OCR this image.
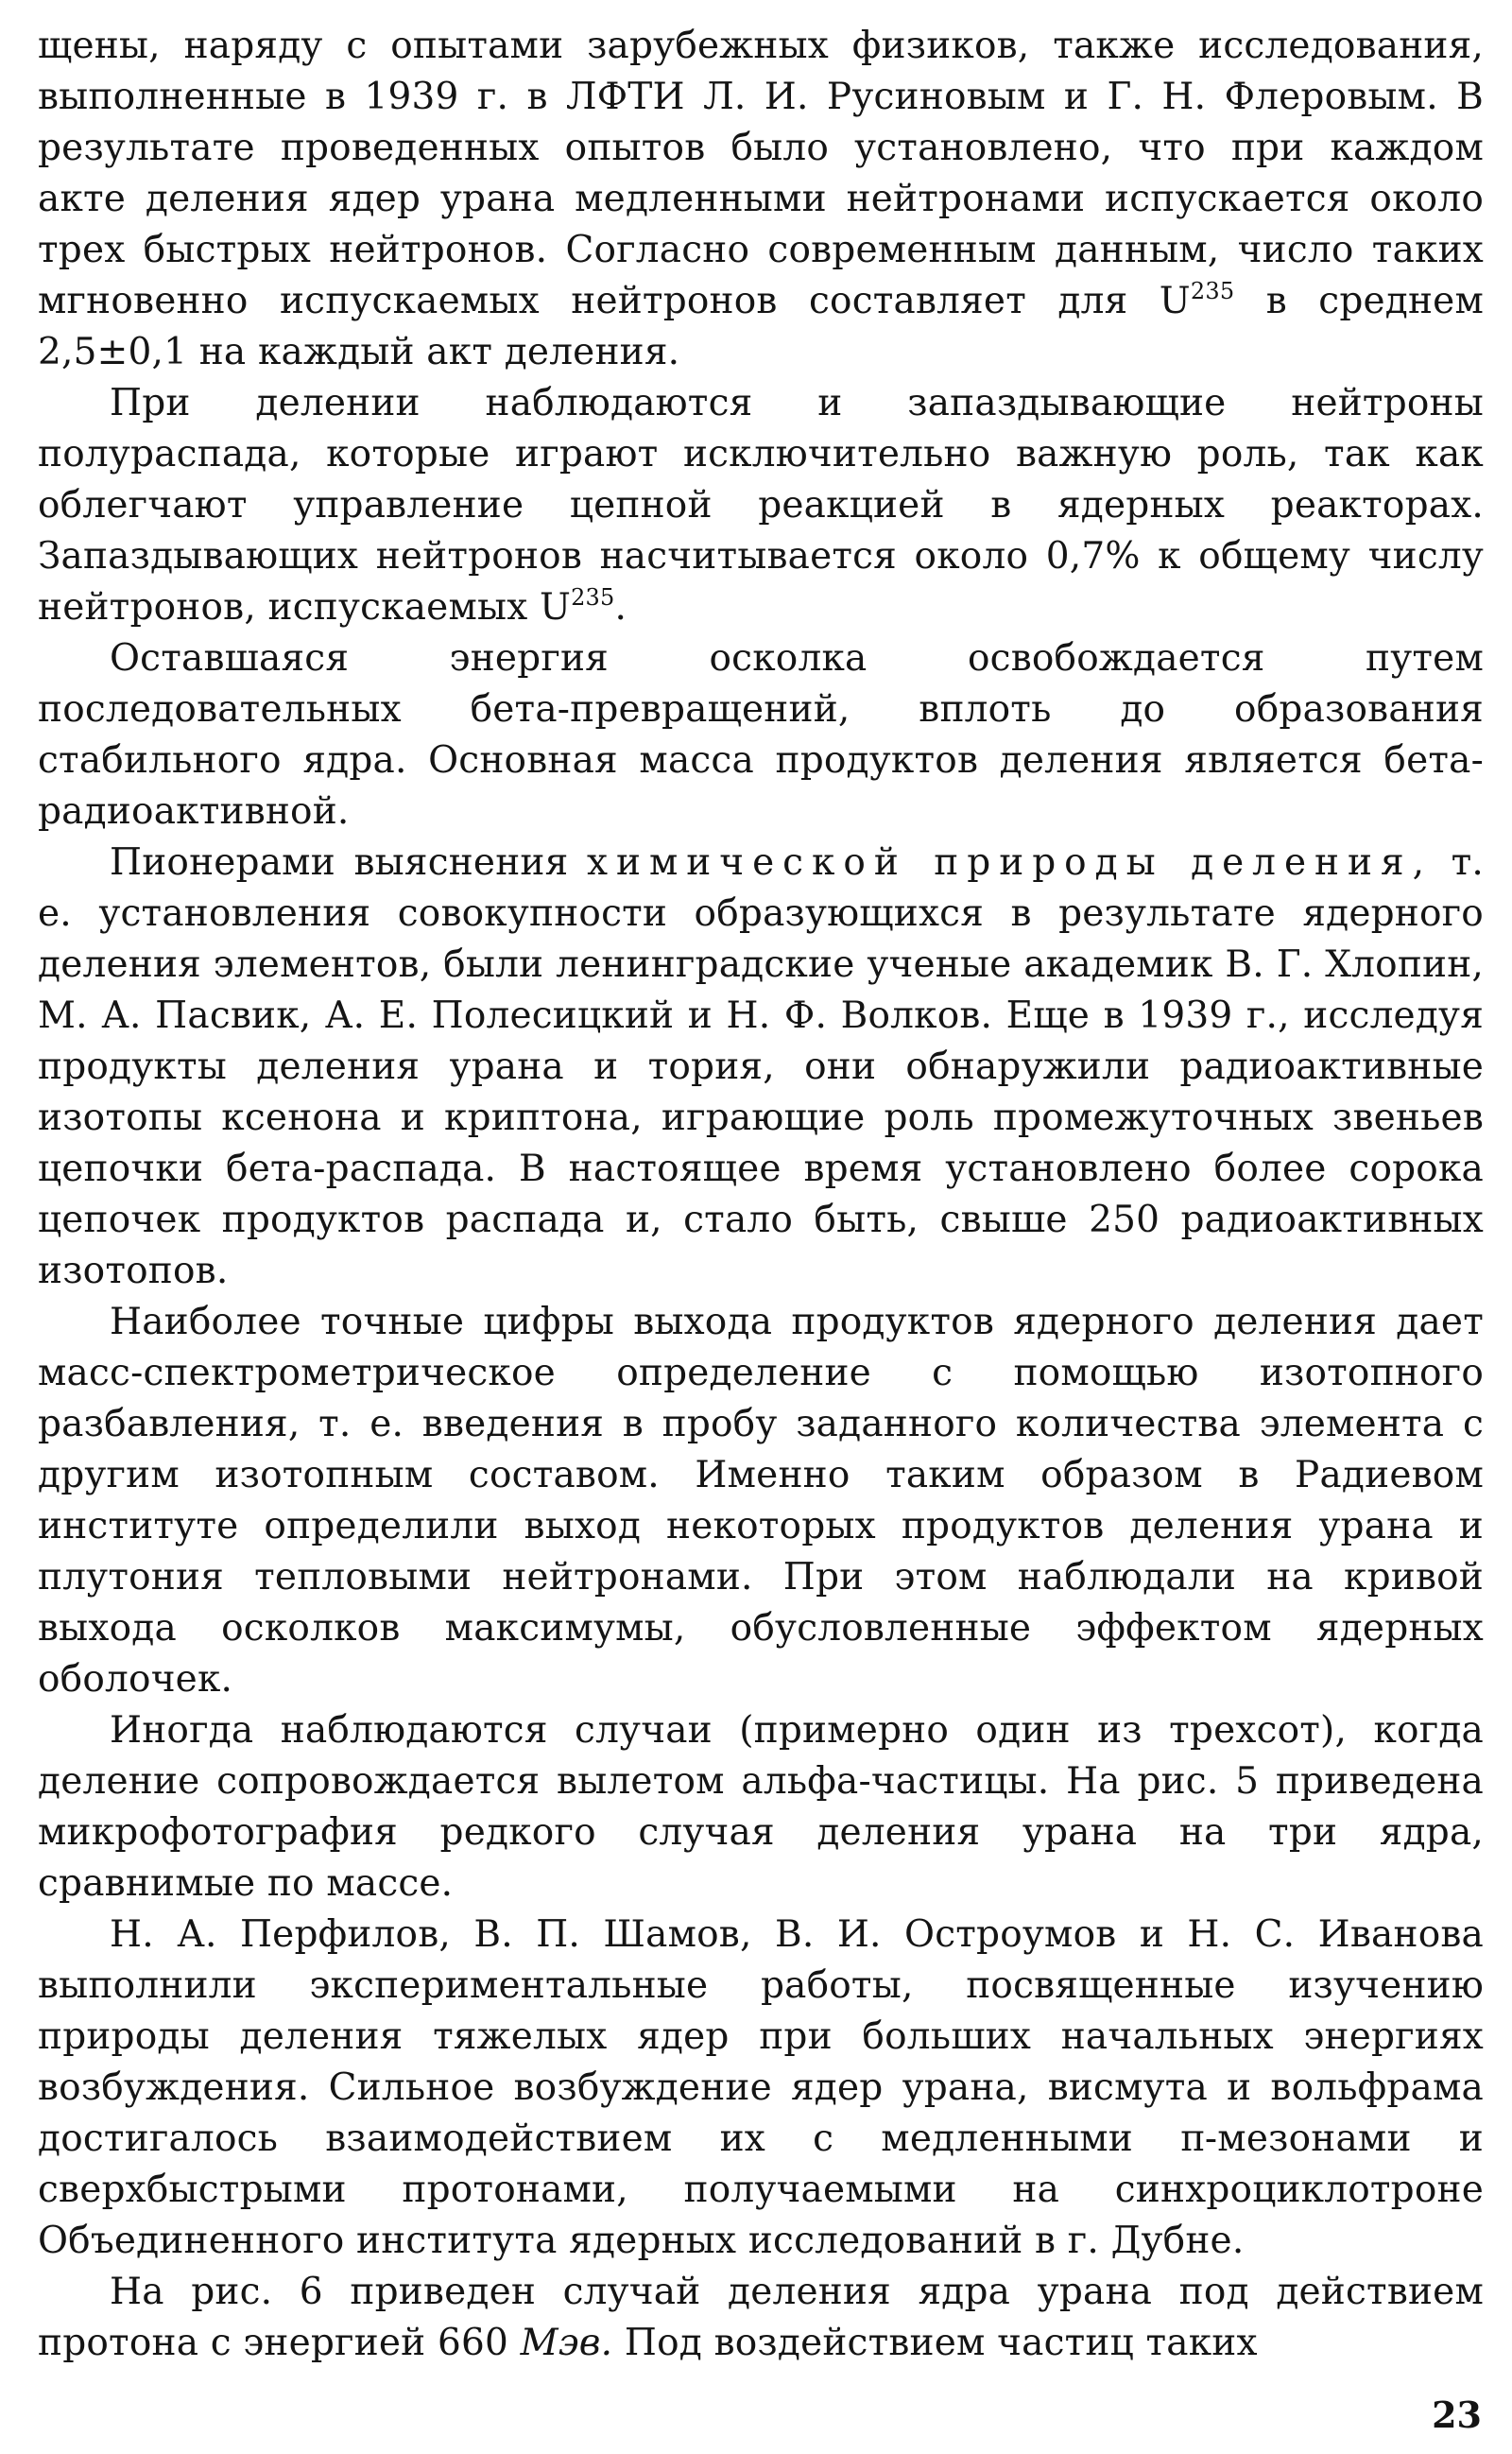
щены, наряду с опытами зарубежных физиков, также исследования, выполненные в 1939 г. в ЛФТИ Л. И. Русиновым и Г. Н. Флеровым. В результате проведенных опытов было установлено, что при каждом акте деления ядер урана медленными нейтронами испускается около трех быстрых нейтронов. Согласно современным данным, число таких мгновенно испускаемых нейтронов составляет для $U^{235}$ в среднем 2,5±0,1 на каждый акт деления.

При делении наблюдаются и запаздывающие нейтроны полураспада, которые играют исключительно важную роль, так как облегчают управление цепной реакцией в ядерных реакторах. Запаздывающих нейтронов насчитывается около 0,7% к общему числу нейтронов, испускаемых $U^{235}$.

Оставшаяся энергия осколка освобождается путем последовательных бета-превращений, вплоть до образования стабильного ядра. Основная масса продуктов деления является бета-радиоактивной.

Пионерами выяснения химической природы деления, т. е. установления совокупности образующихся в результате ядерного деления элементов, были ленинградские ученые академик В. Г. Хлопин, М. А. Пасвик, А. Е. Полесицкий и Н. Ф. Волков. Еще в 1939 г., исследуя продукты деления урана и тория, они обнаружили радиоактивные изотопы ксенона и криптона, играющие роль промежуточных звеньев цепочки бета-распада. В настоящее время установлено более сорока цепочек продуктов распада и, стало быть, свыше 250 радиоактивных изотопов.

Наиболее точные цифры выхода продуктов ядерного деления дает масс-спектрометрическое определение с помощью изотопного разбавления, т. е. введения в пробу заданного количества элемента с другим изотопным составом. Именно таким образом в Радиевом институте определили выход некоторых продуктов деления урана и плутония тепловыми нейтронами. При этом наблюдали на кривой выхода осколков максимумы, обусловленные эффектом ядерных оболочек.

Иногда наблюдаются случаи (примерно один из трехсот), когда деление сопровождается вылетом альфа-частицы. На рис. 5 приведена микрофотография редкого случая деления урана на три ядра, сравнимые по массе.

Н. А. Перфилов, В. П. Шамов, В. И. Остроумов и Н. С. Иванова выполнили экспериментальные работы, посвященные изучению природы деления тяжелых ядер при больших начальных энергиях возбуждения. Сильное возбуждение ядер урана, висмута и вольфрама достигалось взаимодействием их с медленными π-мезонами и сверхбыстрыми протонами, получаемыми на синхроциклотроне Объединенного института ядерных исследований в г. Дубне.

На рис. 6 приведен случай деления ядра урана под действием протона с энергией 660 Мэв. Под воздействием частиц таких

23
